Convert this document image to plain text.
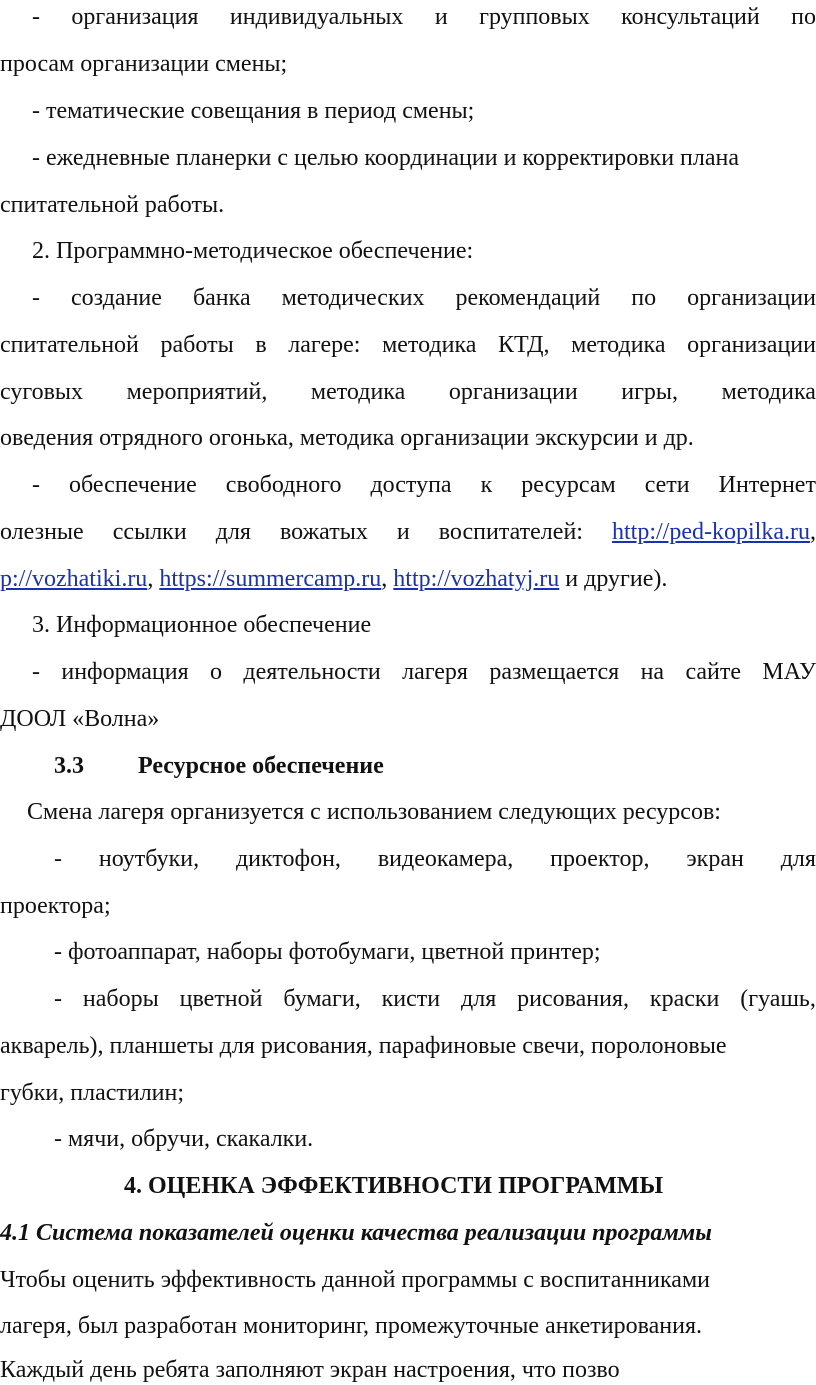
- организация индивидуальных и групповых консультаций по
просам организации смены;
- тематические совещания в период смены;
- ежедневные планерки с целью координации и корректировки плана
спитательной работы.
2. Программно-методическое обеспечение:
- создание банка методических рекомендаций по организации
спитательной работы в лагере: методика КТД, методика организации
суговых мероприятий, методика организации игры, методика
оведения отрядного огонька, методика организации экскурсии и др.
- обеспечение свободного доступа к ресурсам сети Интернет
олезные ссылки для вожатых и воспитателей: http://ped-kopilka.ru,
p://vozhatiki.ru, https://summercamp.ru, http://vozhatyj.ru и другие).
3. Информационное обеспечение
- информация о деятельности лагеря размещается на сайте МАУ
ДООЛ «Волна»
3.3 Ресурсное обеспечение
Смена лагеря организуется с использованием следующих ресурсов:
- ноутбуки, диктофон, видеокамера, проектор, экран для
проектора;
- фотоаппарат, наборы фотобумаги, цветной принтер;
- наборы цветной бумаги, кисти для рисования, краски (гуашь,
акварель), планшеты для рисования, парафиновые свечи, поролоновые
губки, пластилин;
- мячи, обручи, скакалки.
4. ОЦЕНКА ЭФФЕКТИВНОСТИ ПРОГРАММЫ
4.1 Система показателей оценки качества реализации программы
Чтобы оценить эффективность данной программы с воспитанниками
лагеря, был разработан мониторинг, промежуточные анкетирования.
Каждый день ребята заполняют экран настроения, что позво
